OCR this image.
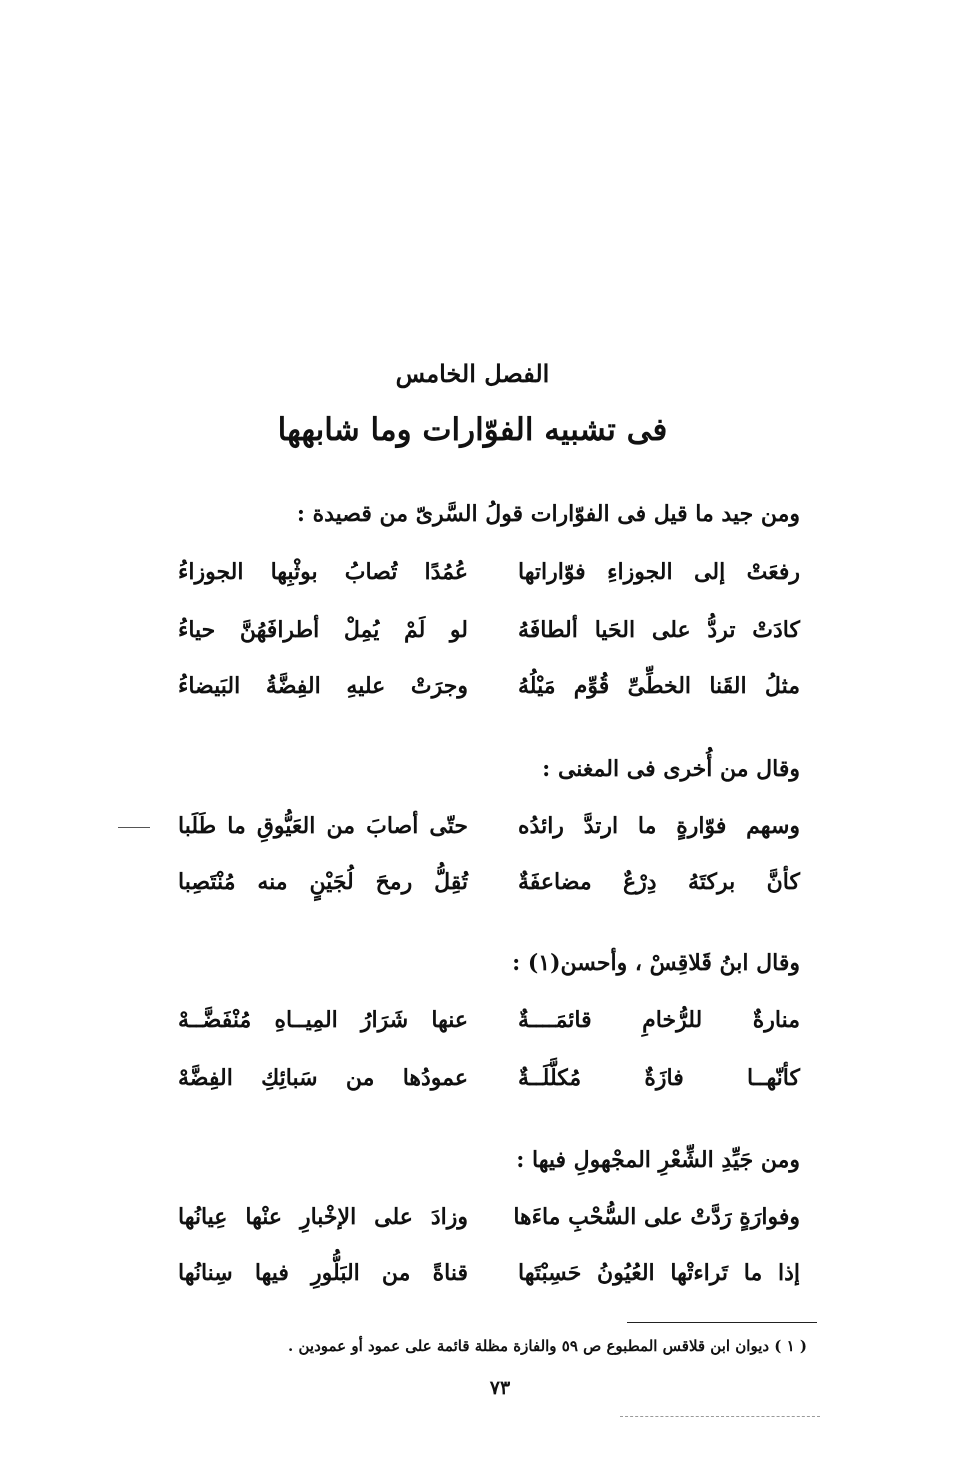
الفصل الخامس
فى تشبيه الفوّارات وما شابهها
ومن جيد ما قيل فى الفوّارات قولُ السَّرىّ من قصيدة :
رفعَتْ إلى الجوزاءِ فوّاراتها
عُمُدًا تُصابُ بوثْبِها الجوزاءُ
كادَتْ تردُّ على الحَيا ألطافَهُ
لو لَمْ يُمِلْ أطرافَهُنَّ حياءُ
مثلُ القَنا الخطِّىِّ قُوِّم مَيْلُهُ
وجرَتْ عليهِ الفِضَّةُ البَيضاءُ
وقال من أُخرى فى المغنى :
وسهم فوّارةٍ ما ارتدَّ رائدُه
حتّى أصابَ من العَيُّوقِ ما طَلَبا
كأنَّ بركتَهُ دِرْعٌ مضاعفَةٌ
تُقِلُّ رمحَ لُجَيْنٍ منه مُنْتَصِبا
وقال ابنُ قَلاقِسْ ، وأحسن(١) :
منارةٌ للرُّخامِ قائمَــــةٌ
عنها شَرَارُ المِيــاهِ مُنْفَضَّــهْ
كأنّهــا فازَةٌ مُكلَّلَــةٌ
عمودُها من سَبائِكِ الفِضَّهْ
ومن جَيِّدِ الشِّعْرِ المجْهولِ فيها :
وفوارَةٍ رَدَّتْ على السُّحْبِ ماءَها
وزادَ على الإخْبارِ عنْها عِيانُها
إذا ما تَراءتْها العُيُونُ حَسِبْتَها
قناةً من البَلُّورِ فيها سِنانُها
( ١ ) ديوان ابن قلاقس المطبوع ص ٥٩ والفازة مظلة قائمة على عمود أو عمودين .
٧٣
